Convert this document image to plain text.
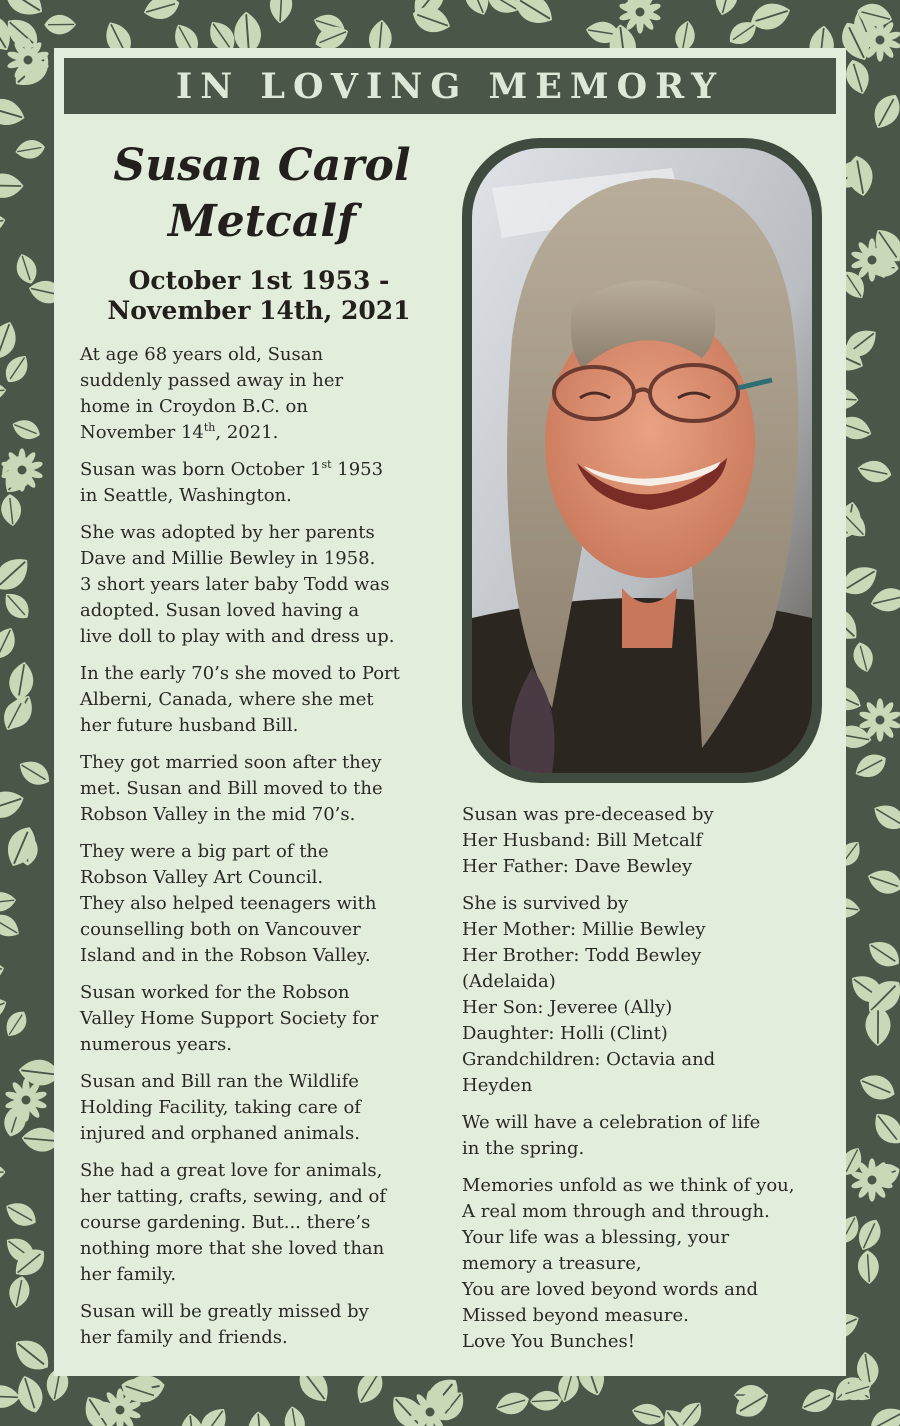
IN LOVING MEMORY
Susan Carol
Metcalf
October 1st 1953 -
November 14th, 2021

At age 68 years old, Susan
suddenly passed away in her
home in Croydon B.C. on
November 14th, 2021.

Susan was born October 1st 1953
in Seattle, Washington.

She was adopted by her parents
Dave and Millie Bewley in 1958.
3 short years later baby Todd was
adopted. Susan loved having a
live doll to play with and dress up.

In the early 70’s she moved to Port
Alberni, Canada, where she met
her future husband Bill.

They got married soon after they
met. Susan and Bill moved to the
Robson Valley in the mid 70’s.

They were a big part of the
Robson Valley Art Council.
They also helped teenagers with
counselling both on Vancouver
Island and in the Robson Valley.

Susan worked for the Robson
Valley Home Support Society for
numerous years.

Susan and Bill ran the Wildlife
Holding Facility, taking care of
injured and orphaned animals.

She had a great love for animals,
her tatting, crafts, sewing, and of
course gardening. But... there’s
nothing more that she loved than
her family.

Susan will be greatly missed by
her family and friends.

Susan was pre-deceased by
Her Husband: Bill Metcalf
Her Father: Dave Bewley

She is survived by
Her Mother: Millie Bewley
Her Brother: Todd Bewley
(Adelaida)
Her Son: Jeveree (Ally)
Daughter: Holli (Clint)
Grandchildren: Octavia and
Heyden

We will have a celebration of life
in the spring.

Memories unfold as we think of you,
A real mom through and through.
Your life was a blessing, your
memory a treasure,
You are loved beyond words and
Missed beyond measure.
Love You Bunches!
